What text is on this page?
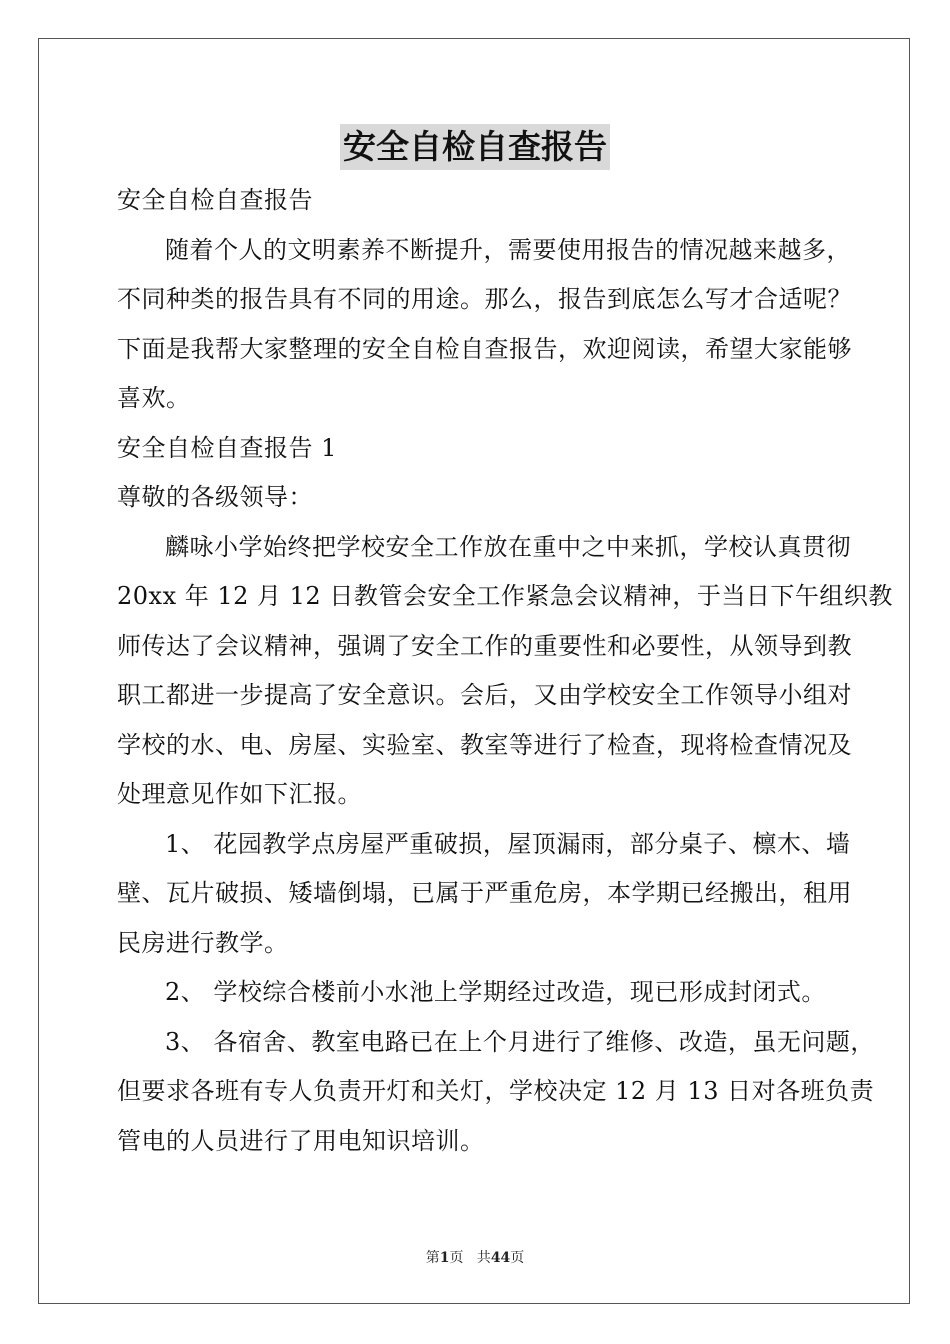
安全自检自查报告
安全自检自查报告
随着个人的文明素养不断提升，需要使用报告的情况越来越多，
不同种类的报告具有不同的用途。那么，报告到底怎么写才合适呢？
下面是我帮大家整理的安全自检自查报告，欢迎阅读，希望大家能够
喜欢。
安全自检自查报告 1
尊敬的各级领导：
麟咏小学始终把学校安全工作放在重中之中来抓，学校认真贯彻
20xx 年 12 月 12 日教管会安全工作紧急会议精神，于当日下午组织教
师传达了会议精神，强调了安全工作的重要性和必要性，从领导到教
职工都进一步提高了安全意识。会后，又由学校安全工作领导小组对
学校的水、电、房屋、实验室、教室等进行了检查，现将检查情况及
处理意见作如下汇报。
1、 花园教学点房屋严重破损，屋顶漏雨，部分桌子、檩木、墙
壁、瓦片破损、矮墙倒塌，已属于严重危房，本学期已经搬出，租用
民房进行教学。
2、 学校综合楼前小水池上学期经过改造，现已形成封闭式。
3、 各宿舍、教室电路已在上个月进行了维修、改造，虽无问题，
但要求各班有专人负责开灯和关灯，学校决定 12 月 13 日对各班负责
管电的人员进行了用电知识培训。
第1页 共44页
